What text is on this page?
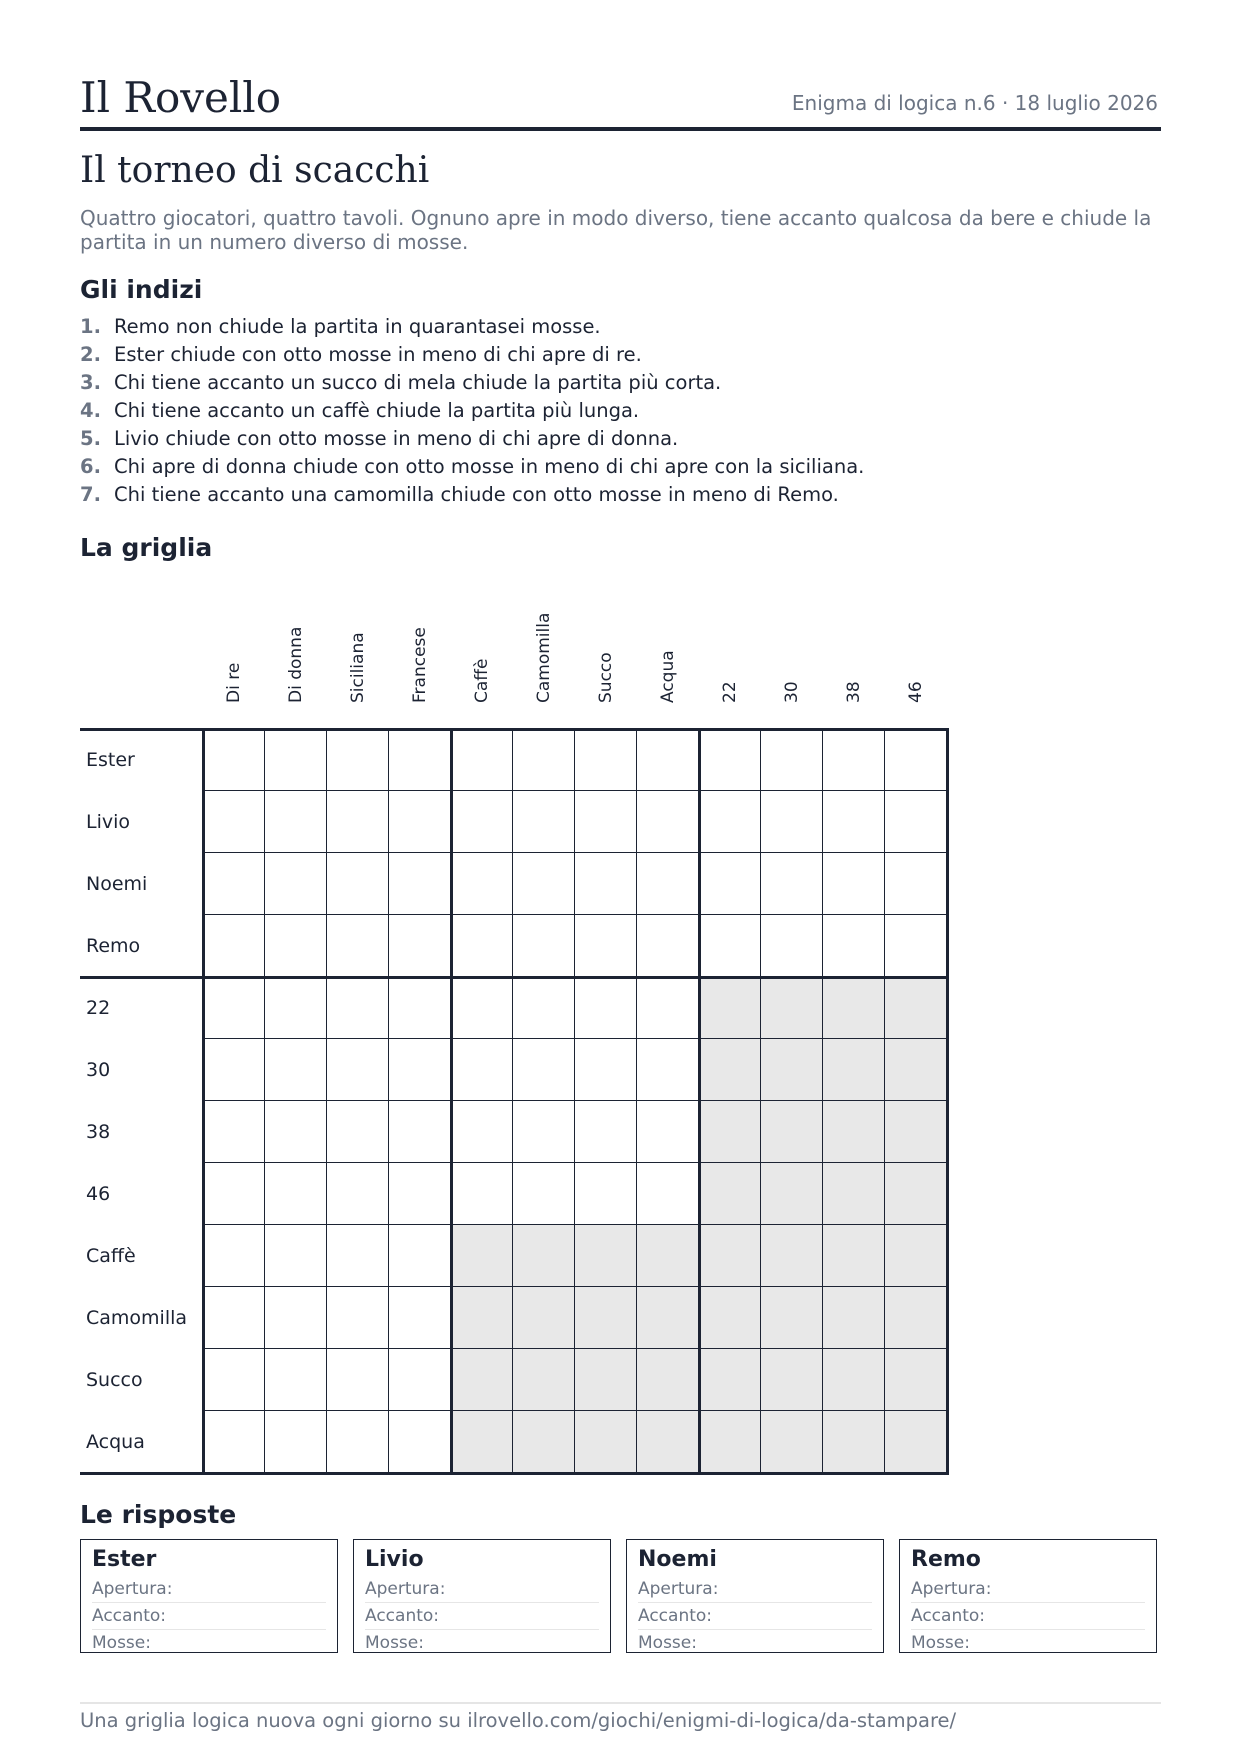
Il Rovello	Enigma di logica n.6 · 18 luglio 2026
Il torneo di scacchi
Quattro giocatori, quattro tavoli. Ognuno apre in modo diverso, tiene accanto qualcosa da bere e chiude la partita in un numero diverso di mosse.
Gli indizi
1. Remo non chiude la partita in quarantasei mosse.
2. Ester chiude con otto mosse in meno di chi apre di re.
3. Chi tiene accanto un succo di mela chiude la partita più corta.
4. Chi tiene accanto un caffè chiude la partita più lunga.
5. Livio chiude con otto mosse in meno di chi apre di donna.
6. Chi apre di donna chiude con otto mosse in meno di chi apre con la siciliana.
7. Chi tiene accanto una camomilla chiude con otto mosse in meno di Remo.
La griglia
Di re Di donna Siciliana Francese Caffè Camomilla Succo Acqua 22 30 38 46
Ester
Livio
Noemi
Remo
22
30
38
46
Caffè
Camomilla
Succo
Acqua
Le risposte
Ester
Apertura:
Accanto:
Mosse:
Livio
Apertura:
Accanto:
Mosse:
Noemi
Apertura:
Accanto:
Mosse:
Remo
Apertura:
Accanto:
Mosse:
Una griglia logica nuova ogni giorno su ilrovello.com/giochi/enigmi-di-logica/da-stampare/
